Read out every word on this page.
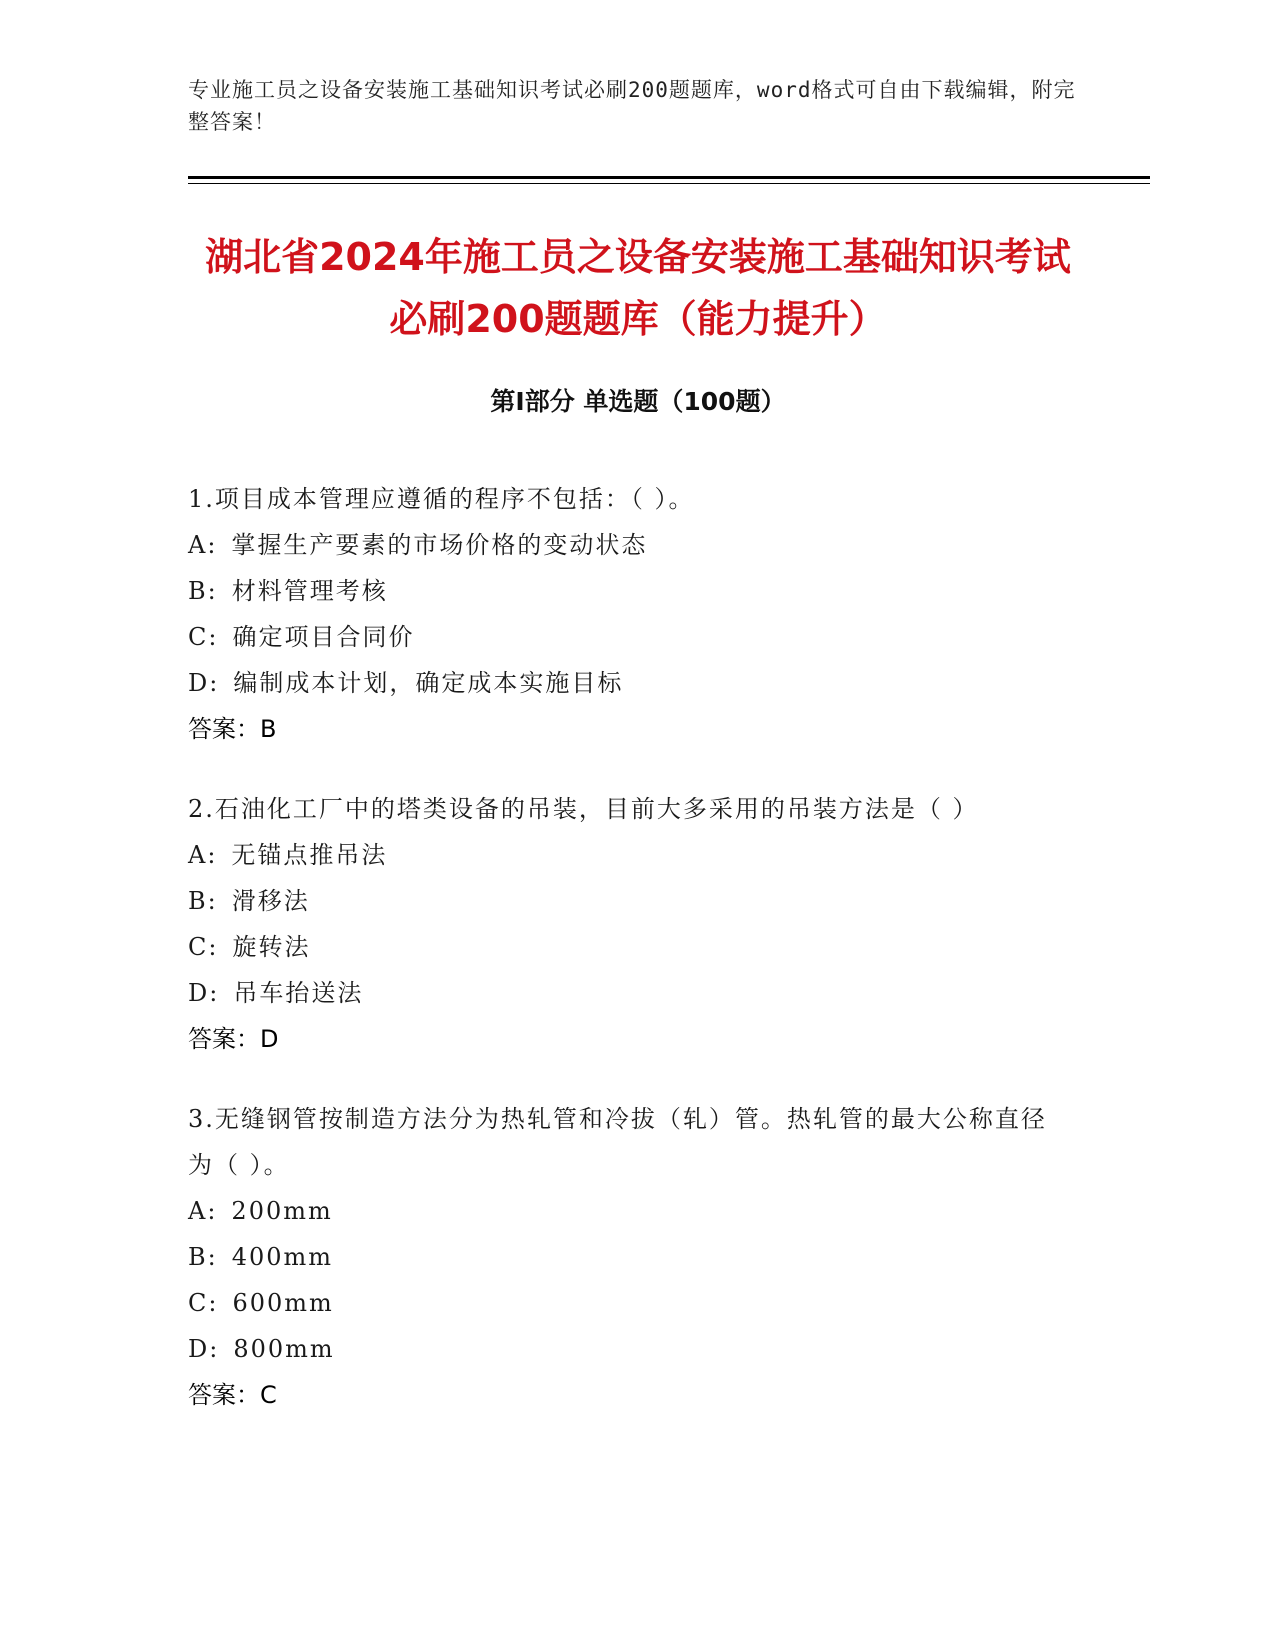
专业施工员之设备安装施工基础知识考试必刷200题题库，word格式可自由下载编辑，附完整答案！
湖北省2024年施工员之设备安装施工基础知识考试必刷200题题库（能力提升）
第Ⅰ部分 单选题（100题）
1.项目成本管理应遵循的程序不包括：（ ）。
A: 掌握生产要素的市场价格的变动状态
B: 材料管理考核
C: 确定项目合同价
D: 编制成本计划，确定成本实施目标
答案：B
2.石油化工厂中的塔类设备的吊装，目前大多采用的吊装方法是（ ）
A: 无锚点推吊法
B: 滑移法
C: 旋转法
D: 吊车抬送法
答案：D
3.无缝钢管按制造方法分为热轧管和冷拔（轧）管。热轧管的最大公称直径为（ ）。
A: 200mm
B: 400mm
C: 600mm
D: 800mm
答案：C
